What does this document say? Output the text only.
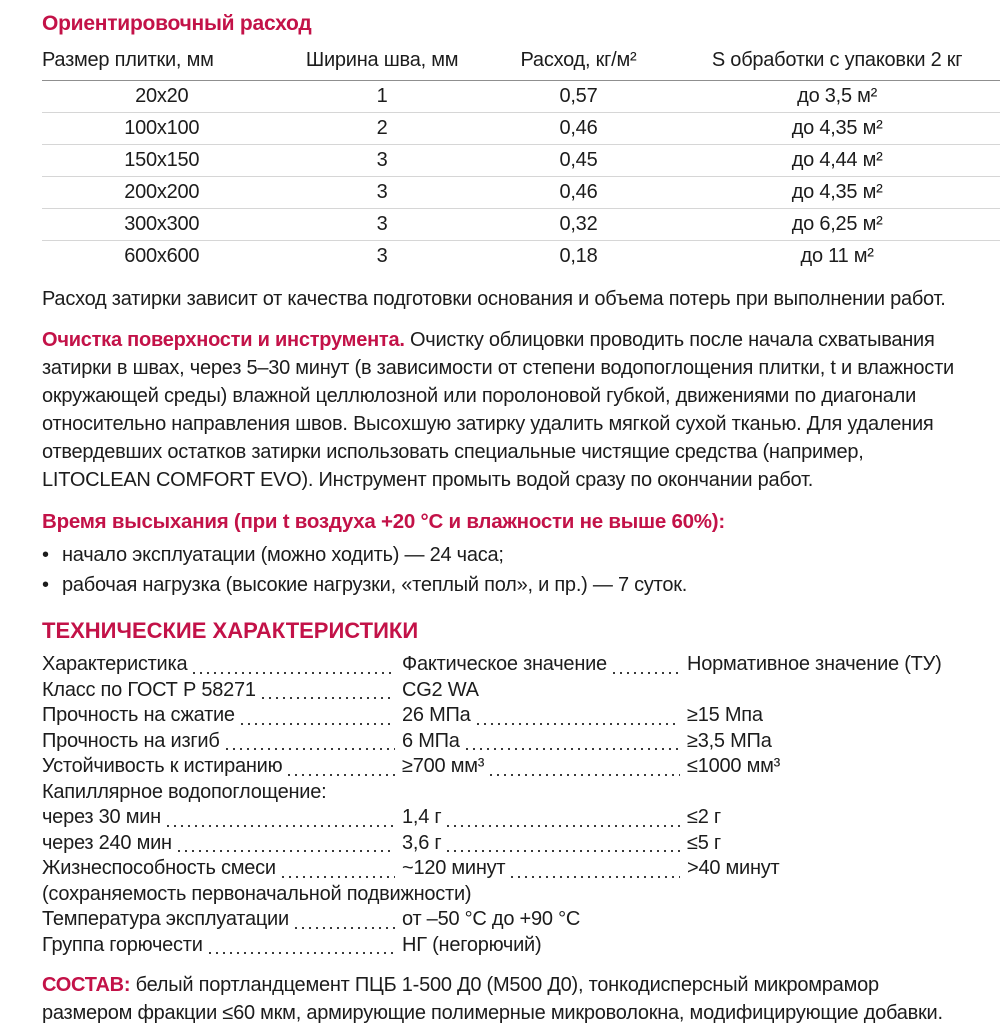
Ориентировочный расход
Размер плитки, мм	Ширина шва, мм	Расход, кг/м²	S обработки с упаковки 2 кг
20х20	1	0,57	до 3,5 м²
100х100	2	0,46	до 4,35 м²
150х150	3	0,45	до 4,44 м²
200х200	3	0,46	до 4,35 м²
300х300	3	0,32	до 6,25 м²
600х600	3	0,18	до 11 м²

Расход затирки зависит от качества подготовки основания и объема потерь при выполнении работ.

Очистка поверхности и инструмента. Очистку облицовки проводить после начала схватывания затирки в швах, через 5–30 минут (в зависимости от степени водопоглощения плитки, t и влажности окружающей среды) влажной целлюлозной или поролоновой губкой, движениями по диагонали относительно направления швов. Высохшую затирку удалить мягкой сухой тканью. Для удаления отвердевших остатков затирки использовать специальные чистящие средства (например, LITOCLEAN COMFORT EVO). Инструмент промыть водой сразу по окончании работ.

Время высыхания (при t воздуха +20 °С и влажности не выше 60%):
• начало эксплуатации (можно ходить) — 24 часа;
• рабочая нагрузка (высокие нагрузки, «теплый пол», и пр.) — 7 суток.
ТЕХНИЧЕСКИЕ ХАРАКТЕРИСТИКИ
Характеристика	Фактическое значение	Нормативное значение (ТУ)
Класс по ГОСТ Р 58271	CG2 WA
Прочность на сжатие	26 МПа	≥15 Мпа
Прочность на изгиб	6 МПа	≥3,5 МПа
Устойчивость к истиранию	≥700 мм³	≤1000 мм³
Капиллярное водопоглощение:
через 30 мин	1,4 г	≤2 г
через 240 мин	3,6 г	≤5 г
Жизнеспособность смеси	~120 минут	>40 минут
(сохраняемость первоначальной подвижности)
Температура эксплуатации	от –50 °С до +90 °С
Группа горючести	НГ (негорючий)

СОСТАВ: белый портландцемент ПЦБ 1-500 Д0 (М500 Д0), тонкодисперсный микромрамор размером фракции ≤60 мкм, армирующие полимерные микроволокна, модифицирующие добавки.
